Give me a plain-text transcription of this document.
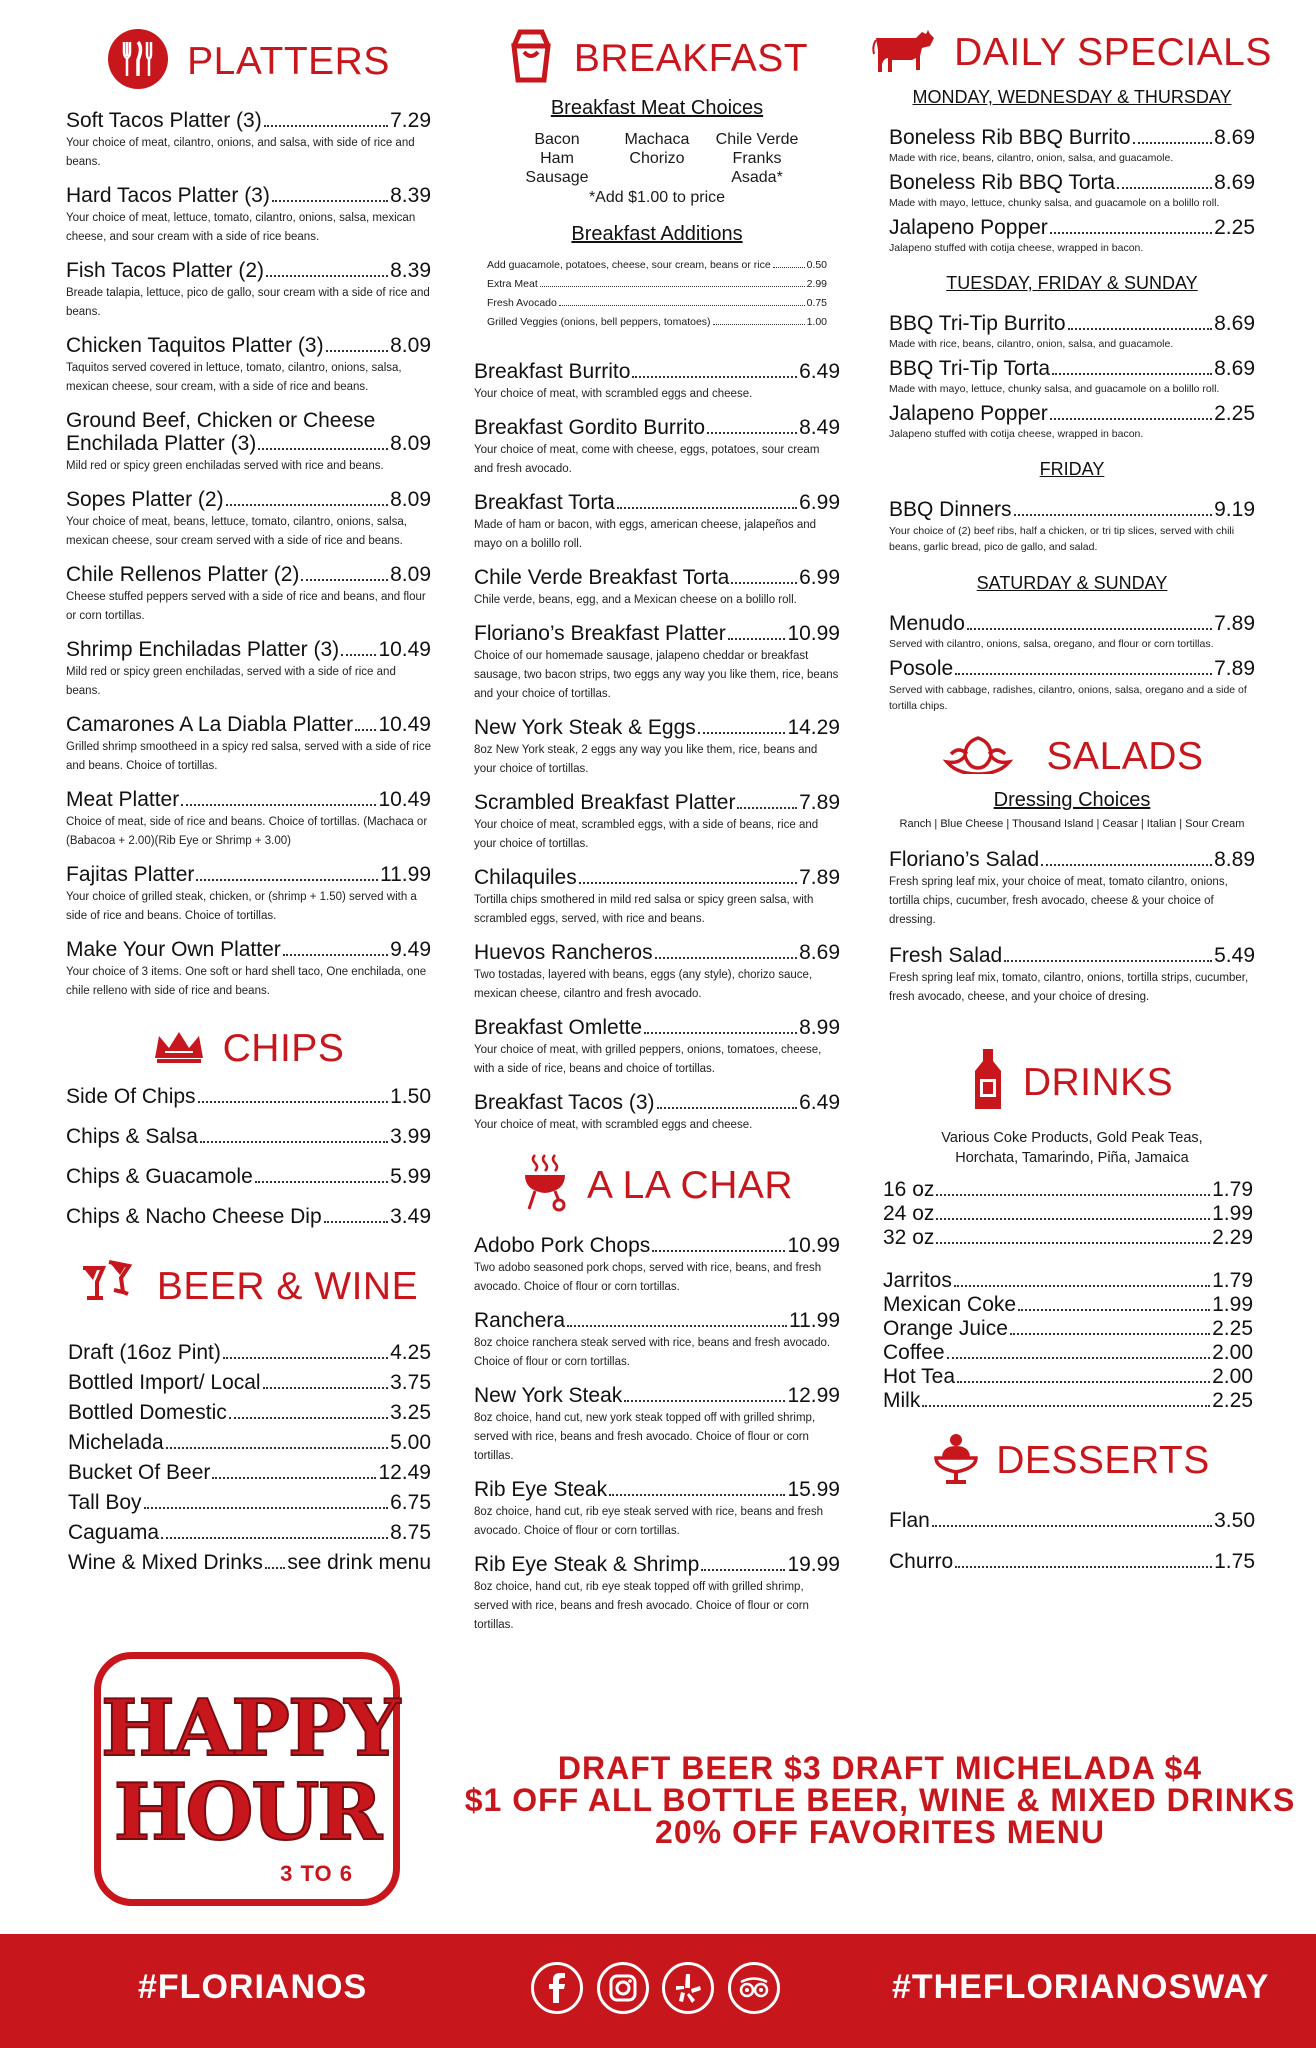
PLATTERS
Soft Tacos Platter (3)	7.29
Your choice of meat, cilantro, onions, and salsa, with side of rice and beans.
Hard Tacos Platter (3)	8.39
Your choice of meat, lettuce, tomato, cilantro, onions, salsa, mexican cheese, and sour cream with a side of rice beans.
Fish Tacos Platter (2)	8.39
Breade talapia, lettuce, pico de gallo, sour cream with a side of rice and beans.
Chicken Taquitos Platter (3)	8.09
Taquitos served covered in lettuce, tomato, cilantro, onions, salsa, mexican cheese, sour cream, with a side of rice and beans.
Ground Beef, Chicken or Cheese
Enchilada Platter (3)	8.09
Mild red or spicy green enchiladas served with rice and beans.
Sopes Platter (2)	8.09
Your choice of meat, beans, lettuce, tomato, cilantro, onions, salsa, mexican cheese, sour cream served with a side of rice and beans.
Chile Rellenos Platter (2)	8.09
Cheese stuffed peppers served with a side of rice and beans, and flour or corn tortillas.
Shrimp Enchiladas Platter (3) 10.49
Mild red or spicy green enchiladas, served with a side of rice and beans.
Camarones A La Diabla Platter 10.49
Grilled shrimp smootheed in a spicy red salsa, served with a side of rice and beans. Choice of tortillas.
Meat Platter	10.49
Choice of meat, side of rice and beans. Choice of tortillas. (Machaca or (Babacoa + 2.00)(Rib Eye or Shrimp + 3.00)
Fajitas Platter	11.99
Your choice of grilled steak, chicken, or (shrimp + 1.50) served with a side of rice and beans. Choice of tortillas.
Make Your Own Platter	9.49
Your choice of 3 items. One soft or hard shell taco, One enchilada, one chile relleno with side of rice and beans.
CHIPS
Side Of Chips	1.50
Chips & Salsa	3.99
Chips & Guacamole	5.99
Chips & Nacho Cheese Dip	3.49
BEER & WINE
Draft (16oz Pint)	4.25
Bottled Import/ Local	3.75
Bottled Domestic	3.25
Michelada	5.00
Bucket Of Beer	12.49
Tall Boy	6.75
Caguama	8.75
Wine & Mixed Drinks see drink menu
HAPPY
HOUR
3 TO 6
BREAKFAST
Breakfast Meat Choices
Bacon	Machaca	Chile Verde
Ham	Chorizo	Franks
Sausage	Asada*
*Add $1.00 to price
Breakfast Additions
Add guacamole, potatoes, cheese, sour cream, beans or rice	0.50
Extra Meat	2.99
Fresh Avocado	0.75
Grilled Veggies (onions, bell peppers, tomatoes)	1.00
Breakfast Burrito	6.49
Your choice of meat, with scrambled eggs and cheese.
Breakfast Gordito Burrito	8.49
Your choice of meat, come with cheese, eggs, potatoes, sour cream and fresh avocado.
Breakfast Torta	6.99
Made of ham or bacon, with eggs, american cheese, jalapeños and mayo on a bolillo roll.
Chile Verde Breakfast Torta	6.99
Chile verde, beans, egg, and a Mexican cheese on a bolillo roll.
Floriano’s Breakfast Platter	10.99
Choice of our homemade sausage, jalapeno cheddar or breakfast sausage, two bacon strips, two eggs any way you like them, rice, beans and your choice of tortillas.
New York Steak & Eggs	14.29
8oz New York steak, 2 eggs any way you like them, rice, beans and your choice of tortillas.
Scrambled Breakfast Platter	7.89
Your choice of meat, scrambled eggs, with a side of beans, rice and your choice of tortillas.
Chilaquiles	7.89
Tortilla chips smothered in mild red salsa or spicy green salsa, with scrambled eggs, served, with rice and beans.
Huevos Rancheros	8.69
Two tostadas, layered with beans, eggs (any style), chorizo sauce, mexican cheese, cilantro and fresh avocado.
Breakfast Omlette	8.99
Your choice of meat, with grilled peppers, onions, tomatoes, cheese, with a side of rice, beans and choice of tortillas.
Breakfast Tacos (3)	6.49
Your choice of meat, with scrambled eggs and cheese.
A LA CHAR
Adobo Pork Chops	10.99
Two adobo seasoned pork chops, served with rice, beans, and fresh avocado. Choice of flour or corn tortillas.
Ranchera	11.99
8oz choice ranchera steak served with rice, beans and fresh avocado. Choice of flour or corn tortillas.
New York Steak	12.99
8oz choice, hand cut, new york steak topped off with grilled shrimp, served with rice, beans and fresh avocado. Choice of flour or corn tortillas.
Rib Eye Steak	15.99
8oz choice, hand cut, rib eye steak served with rice, beans and fresh avocado. Choice of flour or corn tortillas.
Rib Eye Steak & Shrimp	19.99
8oz choice, hand cut, rib eye steak topped off with grilled shrimp, served with rice, beans and fresh avocado. Choice of flour or corn tortillas.
DAILY SPECIALS
MONDAY, WEDNESDAY & THURSDAY
Boneless Rib BBQ Burrito	8.69
Made with rice, beans, cilantro, onion, salsa, and guacamole.
Boneless Rib BBQ Torta	8.69
Made with mayo, lettuce, chunky salsa, and guacamole on a bolillo roll.
Jalapeno Popper	2.25
Jalapeno stuffed with cotija cheese, wrapped in bacon.
TUESDAY, FRIDAY & SUNDAY
BBQ Tri-Tip Burrito	8.69
Made with rice, beans, cilantro, onion, salsa, and guacamole.
BBQ Tri-Tip Torta	8.69
Made with mayo, lettuce, chunky salsa, and guacamole on a bolillo roll.
Jalapeno Popper	2.25
Jalapeno stuffed with cotija cheese, wrapped in bacon.
FRIDAY
BBQ Dinners	9.19
Your choice of (2) beef ribs, half a chicken, or tri tip slices, served with chili beans, garlic bread, pico de gallo, and salad.
SATURDAY & SUNDAY
Menudo	7.89
Served with cilantro, onions, salsa, oregano, and flour or corn tortillas.
Posole	7.89
Served with cabbage, radishes, cilantro, onions, salsa, oregano and a side of tortilla chips.
SALADS
Dressing Choices
Ranch | Blue Cheese | Thousand Island | Ceasar | Italian | Sour Cream
Floriano’s Salad	8.89
Fresh spring leaf mix, your choice of meat, tomato cilantro, onions, tortilla chips, cucumber, fresh avocado, cheese & your choice of dressing.
Fresh Salad	5.49
Fresh spring leaf mix, tomato, cilantro, onions, tortilla strips, cucumber, fresh avocado, cheese, and your choice of dresing.
DRINKS
Various Coke Products, Gold Peak Teas, Horchata, Tamarindo, Piña, Jamaica
16 oz	1.79
24 oz	1.99
32 oz	2.29
Jarritos	1.79
Mexican Coke	1.99
Orange Juice	2.25
Coffee	2.00
Hot Tea	2.00
Milk	2.25
DESSERTS
Flan	3.50
Churro	1.75
DRAFT BEER $3 DRAFT MICHELADA $4
$1 OFF ALL BOTTLE BEER, WINE & MIXED DRINKS
20% OFF FAVORITES MENU
#FLORIANOS	#THEFLORIANOSWAY
